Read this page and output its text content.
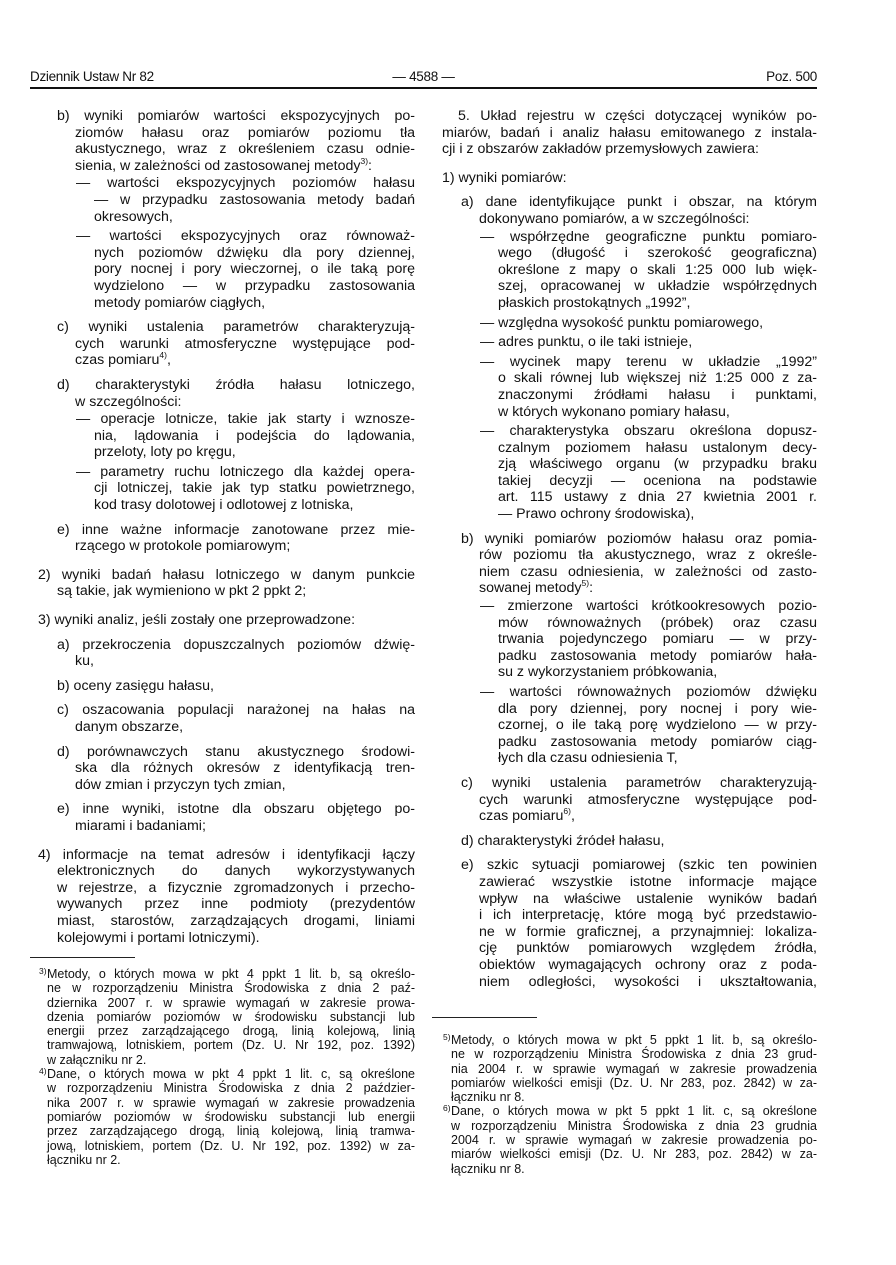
Dziennik Ustaw Nr 82	— 4588 —	Poz. 500
b) wyniki pomiarów wartości ekspozycyjnych po-
ziomów hałasu oraz pomiarów poziomu tła
akustycznego, wraz z określeniem czasu odnie-
sienia, w zależności od zastosowanej metody$^{3)}$:
— wartości ekspozycyjnych poziomów hałasu
— w przypadku zastosowania metody badań
okresowych,
— wartości ekspozycyjnych oraz równoważ-
nych poziomów dźwięku dla pory dziennej,
pory nocnej i pory wieczornej, o ile taką porę
wydzielono — w przypadku zastosowania
metody pomiarów ciągłych,
c) wyniki ustalenia parametrów charakteryzują-
cych warunki atmosferyczne występujące pod-
czas pomiaru$^{4)}$,
d) charakterystyki źródła hałasu lotniczego,
w szczególności:
— operacje lotnicze, takie jak starty i wznosze-
nia, lądowania i podejścia do lądowania,
przeloty, loty po kręgu,
— parametry ruchu lotniczego dla każdej opera-
cji lotniczej, takie jak typ statku powietrznego,
kod trasy dolotowej i odlotowej z lotniska,
e) inne ważne informacje zanotowane przez mie-
rzącego w protokole pomiarowym;
2) wyniki badań hałasu lotniczego w danym punkcie
są takie, jak wymieniono w pkt 2 ppkt 2;
3) wyniki analiz, jeśli zostały one przeprowadzone:
a) przekroczenia dopuszczalnych poziomów dźwię-
ku,
b) oceny zasięgu hałasu,
c) oszacowania populacji narażonej na hałas na
danym obszarze,
d) porównawczych stanu akustycznego środowi-
ska dla różnych okresów z identyfikacją tren-
dów zmian i przyczyn tych zmian,
e) inne wyniki, istotne dla obszaru objętego po-
miarami i badaniami;
4) informacje na temat adresów i identyfikacji łączy
elektronicznych do danych wykorzystywanych
w rejestrze, a fizycznie zgromadzonych i przecho-
wywanych przez inne podmioty (prezydentów
miast, starostów, zarządzających drogami, liniami
kolejowymi i portami lotniczymi).
5. Układ rejestru w części dotyczącej wyników po-
miarów, badań i analiz hałasu emitowanego z instala-
cji i z obszarów zakładów przemysłowych zawiera:
1) wyniki pomiarów:
a) dane identyfikujące punkt i obszar, na którym
dokonywano pomiarów, a w szczególności:
— współrzędne geograficzne punktu pomiaro-
wego (długość i szerokość geograficzna)
określone z mapy o skali 1:25 000 lub więk-
szej, opracowanej w układzie współrzędnych
płaskich prostokątnych „1992”,
— względna wysokość punktu pomiarowego,
— adres punktu, o ile taki istnieje,
— wycinek mapy terenu w układzie „1992”
o skali równej lub większej niż 1:25 000 z za-
znaczonymi źródłami hałasu i punktami,
w których wykonano pomiary hałasu,
— charakterystyka obszaru określona dopusz-
czalnym poziomem hałasu ustalonym decy-
zją właściwego organu (w przypadku braku
takiej decyzji — oceniona na podstawie
art. 115 ustawy z dnia 27 kwietnia 2001 r.
— Prawo ochrony środowiska),
b) wyniki pomiarów poziomów hałasu oraz pomia-
rów poziomu tła akustycznego, wraz z określe-
niem czasu odniesienia, w zależności od zasto-
sowanej metody$^{5)}$:
— zmierzone wartości krótkookresowych pozio-
mów równoważnych (próbek) oraz czasu
trwania pojedynczego pomiaru — w przy-
padku zastosowania metody pomiarów hała-
su z wykorzystaniem próbkowania,
— wartości równoważnych poziomów dźwięku
dla pory dziennej, pory nocnej i pory wie-
czornej, o ile taką porę wydzielono — w przy-
padku zastosowania metody pomiarów ciąg-
łych dla czasu odniesienia T,
c) wyniki ustalenia parametrów charakteryzują-
cych warunki atmosferyczne występujące pod-
czas pomiaru$^{6)}$,
d) charakterystyki źródeł hałasu,
e) szkic sytuacji pomiarowej (szkic ten powinien
zawierać wszystkie istotne informacje mające
wpływ na właściwe ustalenie wyników badań
i ich interpretację, które mogą być przedstawio-
ne w formie graficznej, a przynajmniej: lokaliza-
cję punktów pomiarowych względem źródła,
obiektów wymagających ochrony oraz z poda-
niem odległości, wysokości i ukształtowania,
3) Metody, o których mowa w pkt 4 ppkt 1 lit. b, są określo-
ne w rozporządzeniu Ministra Środowiska z dnia 2 paź-
dziernika 2007 r. w sprawie wymagań w zakresie prowa-
dzenia pomiarów poziomów w środowisku substancji lub
energii przez zarządzającego drogą, linią kolejową, linią
tramwajową, lotniskiem, portem (Dz. U. Nr 192, poz. 1392)
w załączniku nr 2.
4) Dane, o których mowa w pkt 4 ppkt 1 lit. c, są określone
w rozporządzeniu Ministra Środowiska z dnia 2 paździer-
nika 2007 r. w sprawie wymagań w zakresie prowadzenia
pomiarów poziomów w środowisku substancji lub energii
przez zarządzającego drogą, linią kolejową, linią tramwa-
jową, lotniskiem, portem (Dz. U. Nr 192, poz. 1392) w za-
łączniku nr 2.
5) Metody, o których mowa w pkt 5 ppkt 1 lit. b, są określo-
ne w rozporządzeniu Ministra Środowiska z dnia 23 grud-
nia 2004 r. w sprawie wymagań w zakresie prowadzenia
pomiarów wielkości emisji (Dz. U. Nr 283, poz. 2842) w za-
łączniku nr 8.
6) Dane, o których mowa w pkt 5 ppkt 1 lit. c, są określone
w rozporządzeniu Ministra Środowiska z dnia 23 grudnia
2004 r. w sprawie wymagań w zakresie prowadzenia po-
miarów wielkości emisji (Dz. U. Nr 283, poz. 2842) w za-
łączniku nr 8.
